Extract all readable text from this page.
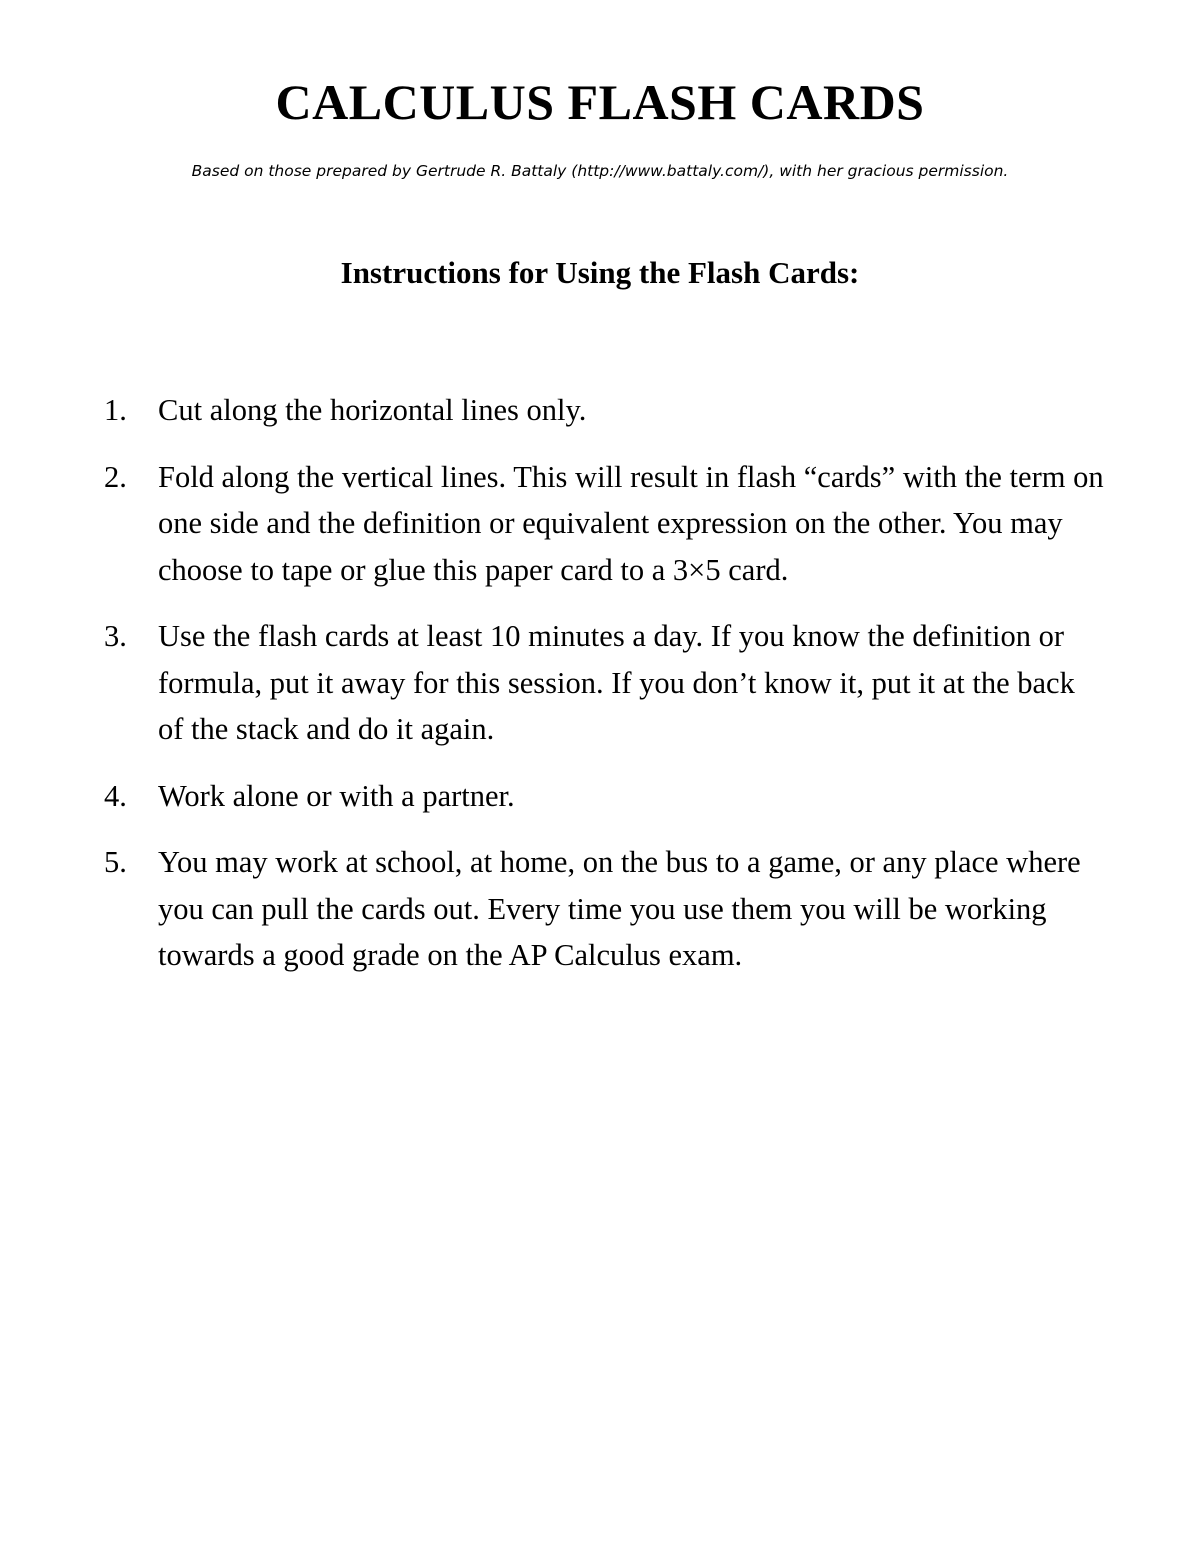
CALCULUS FLASH CARDS

Based on those prepared by Gertrude R. Battaly (http://www.battaly.com/), with her gracious permission.

Instructions for Using the Flash Cards:
1. Cut along the horizontal lines only.
2. Fold along the vertical lines. This will result in flash “cards” with the term on one side and the definition or equivalent expression on the other. You may choose to tape or glue this paper card to a 3×5 card.
3. Use the flash cards at least 10 minutes a day. If you know the definition or formula, put it away for this session. If you don’t know it, put it at the back of the stack and do it again.
4. Work alone or with a partner.
5. You may work at school, at home, on the bus to a game, or any place where you can pull the cards out. Every time you use them you will be working towards a good grade on the AP Calculus exam.
